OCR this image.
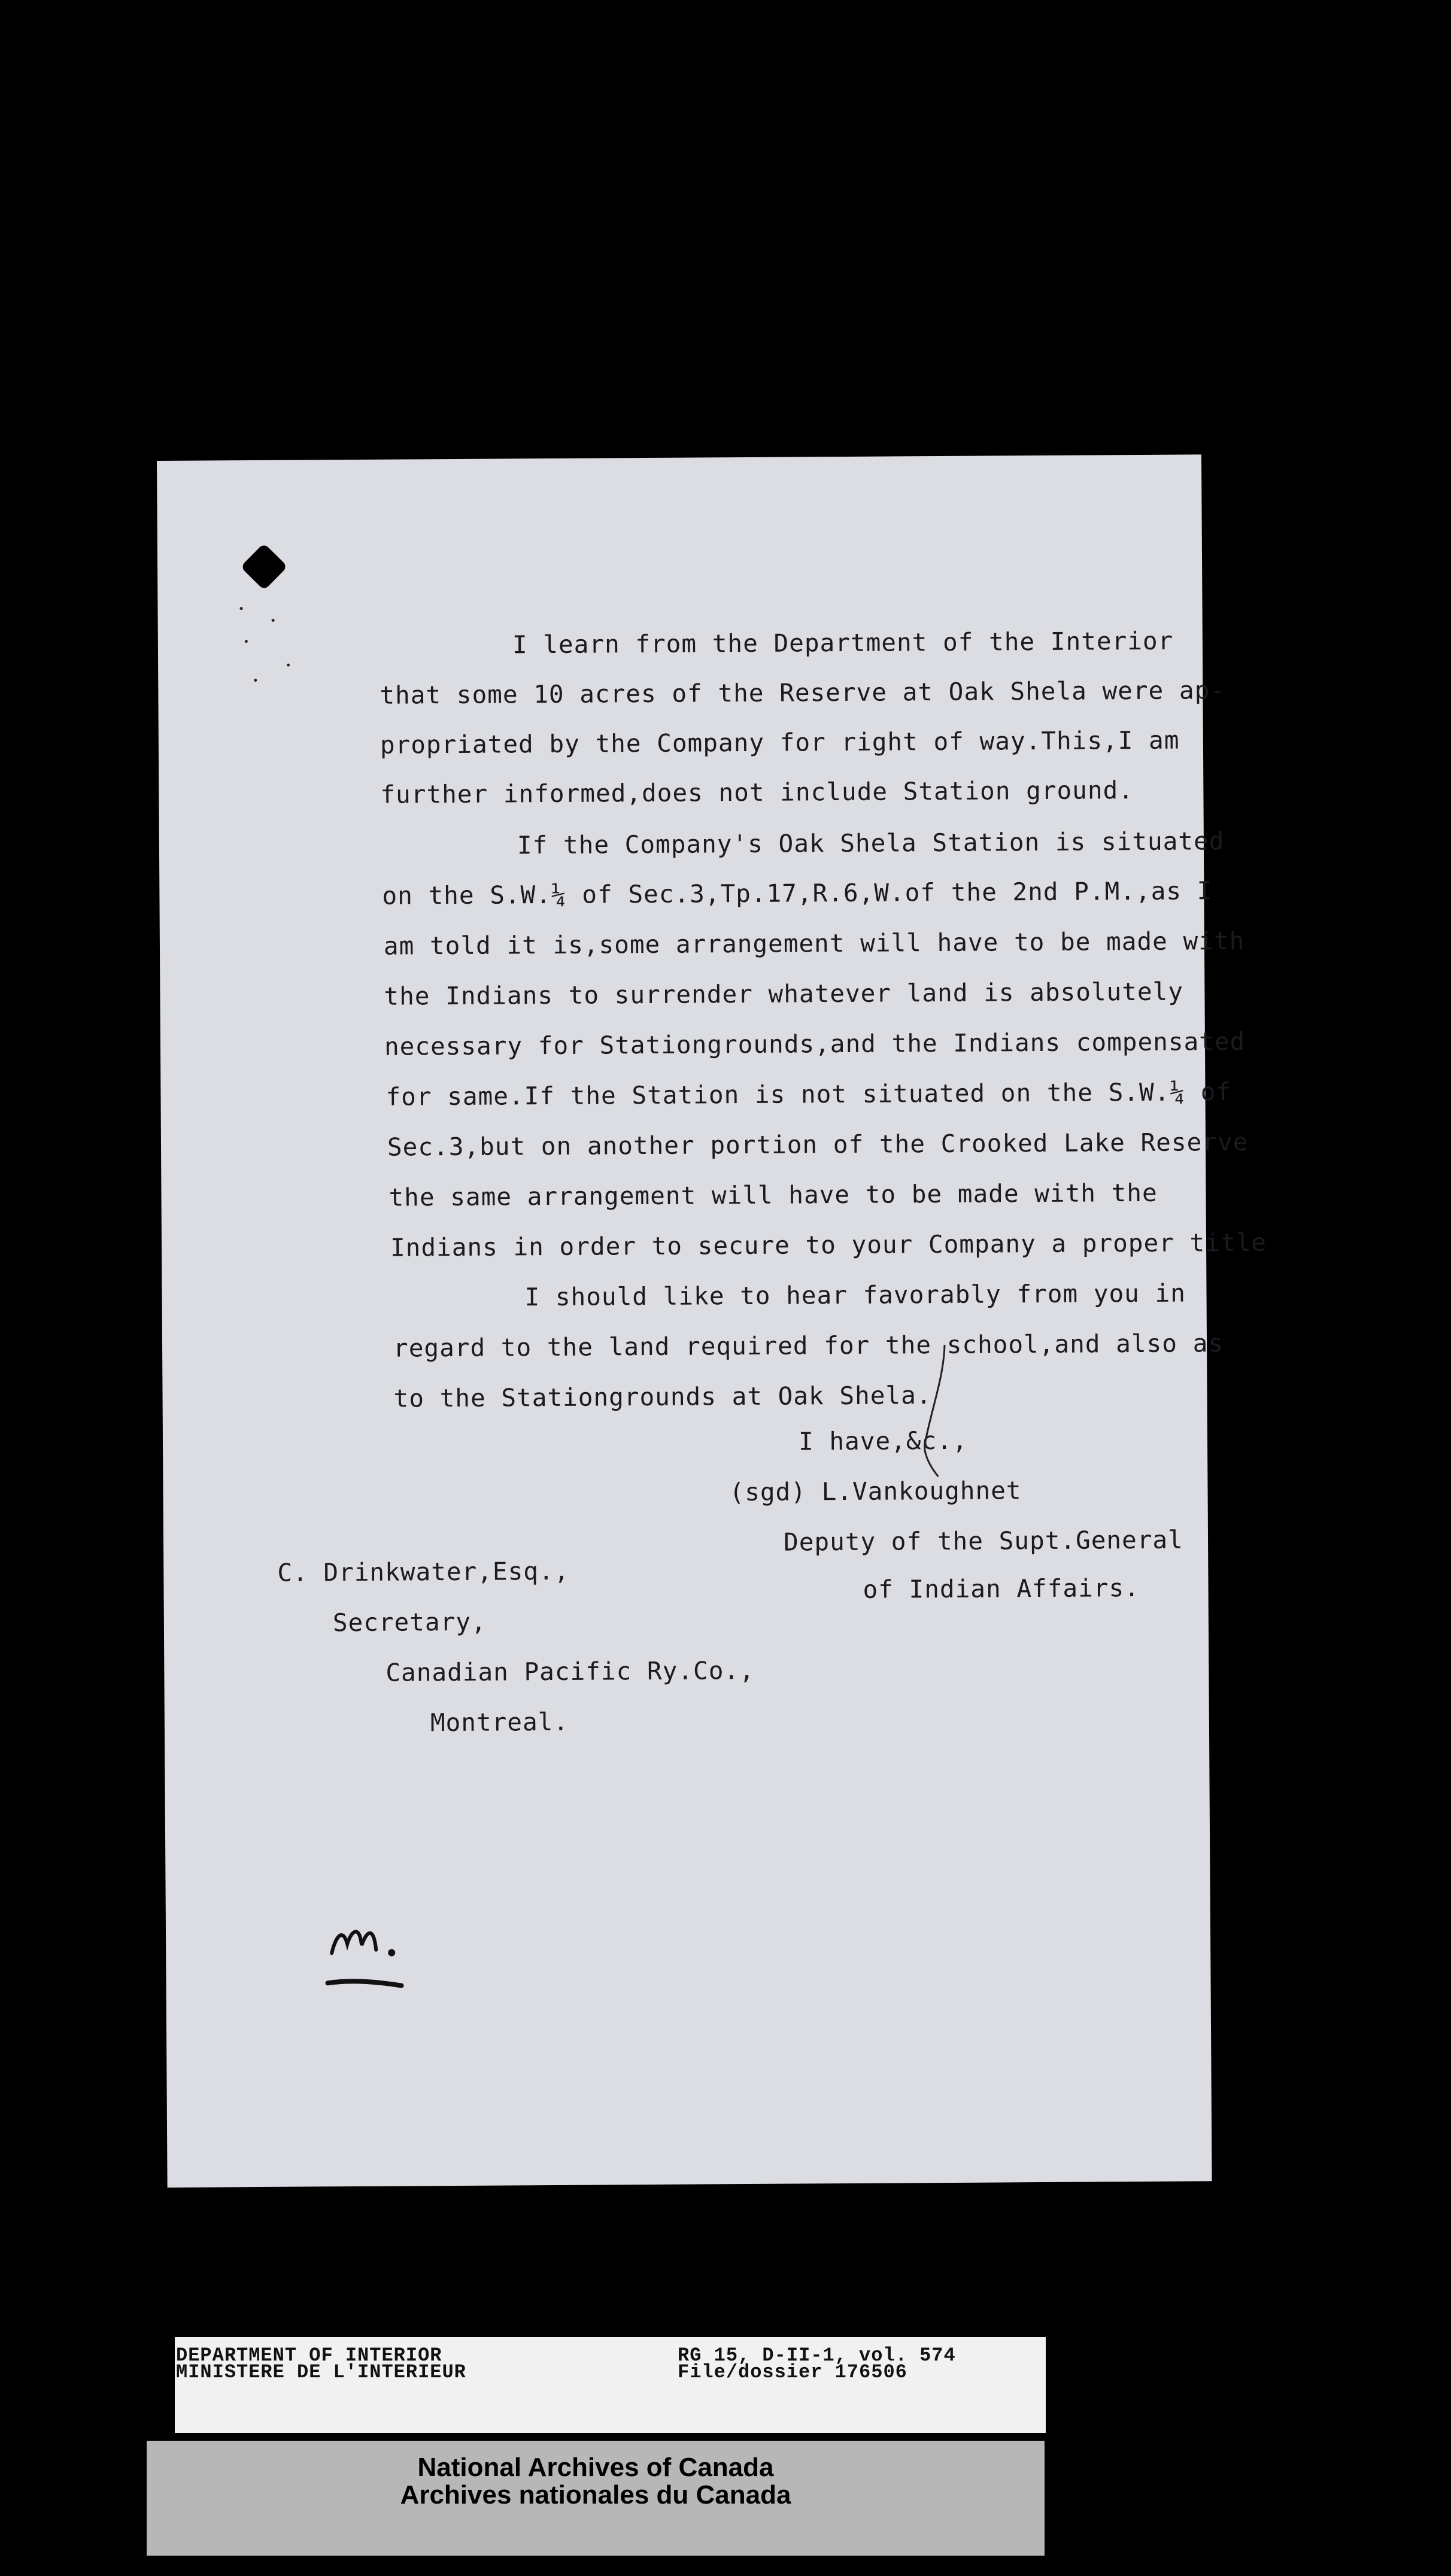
I learn from the Department of the Interior
that some 10 acres of the Reserve at Oak Shela were ap-
propriated by the Company for right of way.This,I am
further informed,does not include Station ground.
If the Company's Oak Shela Station is situated
on the S.W.¼ of Sec.3,Tp.17,R.6,W.of the 2nd P.M.,as I
am told it is,some arrangement will have to be made with
the Indians to surrender whatever land is absolutely
necessary for Stationgrounds,and the Indians compensated
for same.If the Station is not situated on the S.W.¼ of
Sec.3,but on another portion of the Crooked Lake Reserve
the same arrangement will have to be made with the
Indians in order to secure to your Company a proper title
I should like to hear favorably from you in
regard to the land required for the school,and also as
to the Stationgrounds at Oak Shela.
I have,&c.,
(sgd) L.Vankoughnet
Deputy of the Supt.General
of Indian Affairs.
C. Drinkwater,Esq.,
Secretary,
Canadian Pacific Ry.Co.,
Montreal.
DEPARTMENT OF INTERIOR
MINISTERE DE L'INTERIEUR
RG 15, D-II-1, vol. 574
File/dossier 176506
National Archives of Canada
Archives nationales du Canada
